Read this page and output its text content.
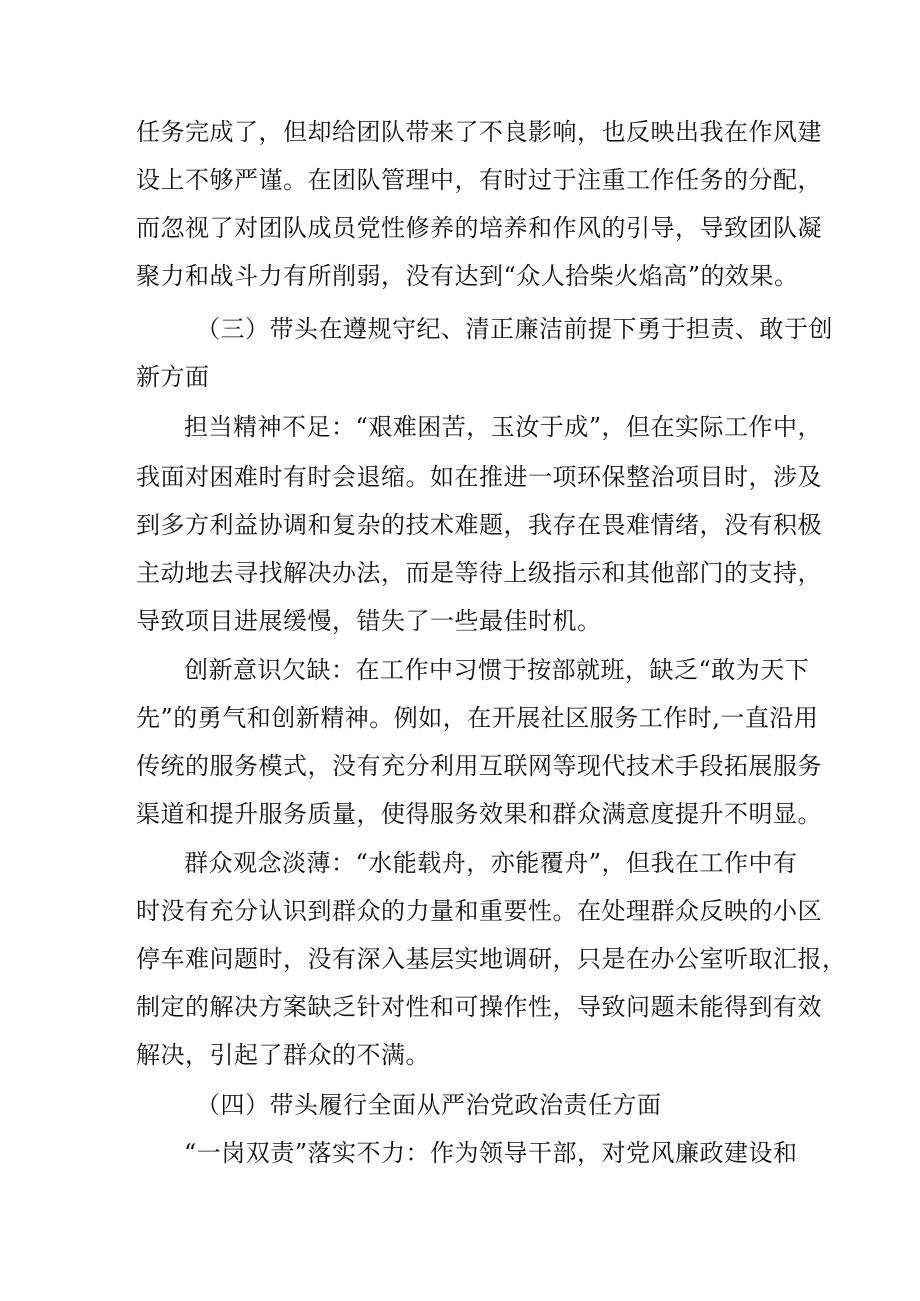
任务完成了，但却给团队带来了不良影响，也反映出我在作风建
设上不够严谨。在团队管理中，有时过于注重工作任务的分配，
而忽视了对团队成员党性修养的培养和作风的引导，导致团队凝
聚力和战斗力有所削弱，没有达到“众人拾柴火焰高”的效果。
（三）带头在遵规守纪、清正廉洁前提下勇于担责、敢于创
新方面
担当精神不足：“艰难困苦，玉汝于成”，但在实际工作中，
我面对困难时有时会退缩。如在推进一项环保整治项目时，涉及
到多方利益协调和复杂的技术难题，我存在畏难情绪，没有积极
主动地去寻找解决办法，而是等待上级指示和其他部门的支持，
导致项目进展缓慢，错失了一些最佳时机。
创新意识欠缺：在工作中习惯于按部就班，缺乏“敢为天下
先”的勇气和创新精神。例如，在开展社区服务工作时,一直沿用
传统的服务模式，没有充分利用互联网等现代技术手段拓展服务
渠道和提升服务质量，使得服务效果和群众满意度提升不明显。
群众观念淡薄：“水能载舟，亦能覆舟”，但我在工作中有
时没有充分认识到群众的力量和重要性。在处理群众反映的小区
停车难问题时，没有深入基层实地调研，只是在办公室听取汇报，
制定的解决方案缺乏针对性和可操作性，导致问题未能得到有效
解决，引起了群众的不满。
（四）带头履行全面从严治党政治责任方面
“一岗双责”落实不力：作为领导干部，对党风廉政建设和
